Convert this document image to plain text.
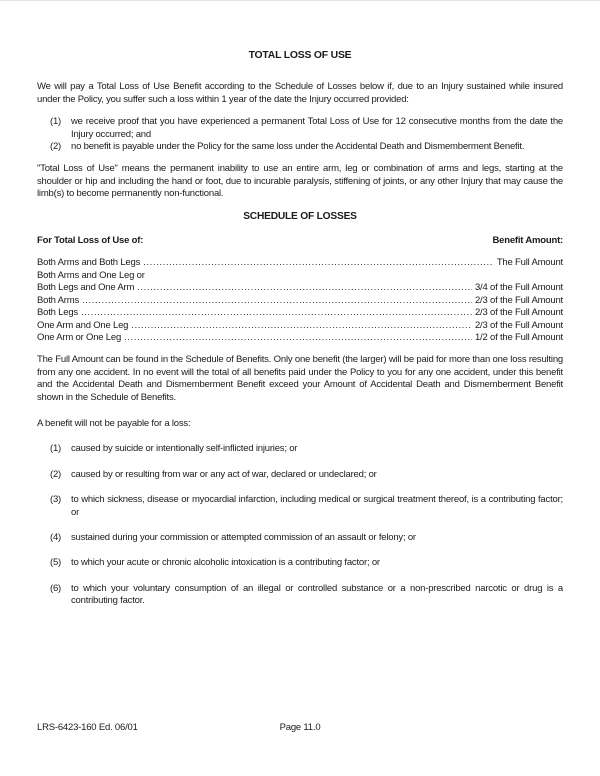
TOTAL LOSS OF USE

We will pay a Total Loss of Use Benefit according to the Schedule of Losses below if, due to an Injury sustained while insured under the Policy, you suffer such a loss within 1 year of the date the Injury occurred provided:

(1)	we receive proof that you have experienced a permanent Total Loss of Use for 12 consecutive months from the date the Injury occurred; and
(2)	no benefit is payable under the Policy for the same loss under the Accidental Death and Dismemberment Benefit.

"Total Loss of Use" means the permanent inability to use an entire arm, leg or combination of arms and legs, starting at the shoulder or hip and including the hand or foot, due to incurable paralysis, stiffening of joints, or any other Injury that may cause the limb(s) to become permanently non-functional.

SCHEDULE OF LOSSES
For Total Loss of Use of:	Benefit Amount:
Both Arms and Both Legs .....	The Full Amount
Both Arms and One Leg or
Both Legs and One Arm .....	3/4 of the Full Amount
Both Arms .....	2/3 of the Full Amount
Both Legs .....	2/3 of the Full Amount
One Arm and One Leg .....	2/3 of the Full Amount
One Arm or One Leg .....	1/2 of the Full Amount

The Full Amount can be found in the Schedule of Benefits. Only one benefit (the larger) will be paid for more than one loss resulting from any one accident. In no event will the total of all benefits paid under the Policy to you for any one accident, under this benefit and the Accidental Death and Dismemberment Benefit exceed your Amount of Accidental Death and Dismemberment Benefit shown in the Schedule of Benefits.

A benefit will not be payable for a loss:

(1)	caused by suicide or intentionally self-inflicted injuries; or
(2)	caused by or resulting from war or any act of war, declared or undeclared; or
(3)	to which sickness, disease or myocardial infarction, including medical or surgical treatment thereof, is a contributing factor; or
(4)	sustained during your commission or attempted commission of an assault or felony; or
(5)	to which your acute or chronic alcoholic intoxication is a contributing factor; or
(6)	to which your voluntary consumption of an illegal or controlled substance or a non-prescribed narcotic or drug is a contributing factor.
LRS-6423-160 Ed. 06/01	Page 11.0
